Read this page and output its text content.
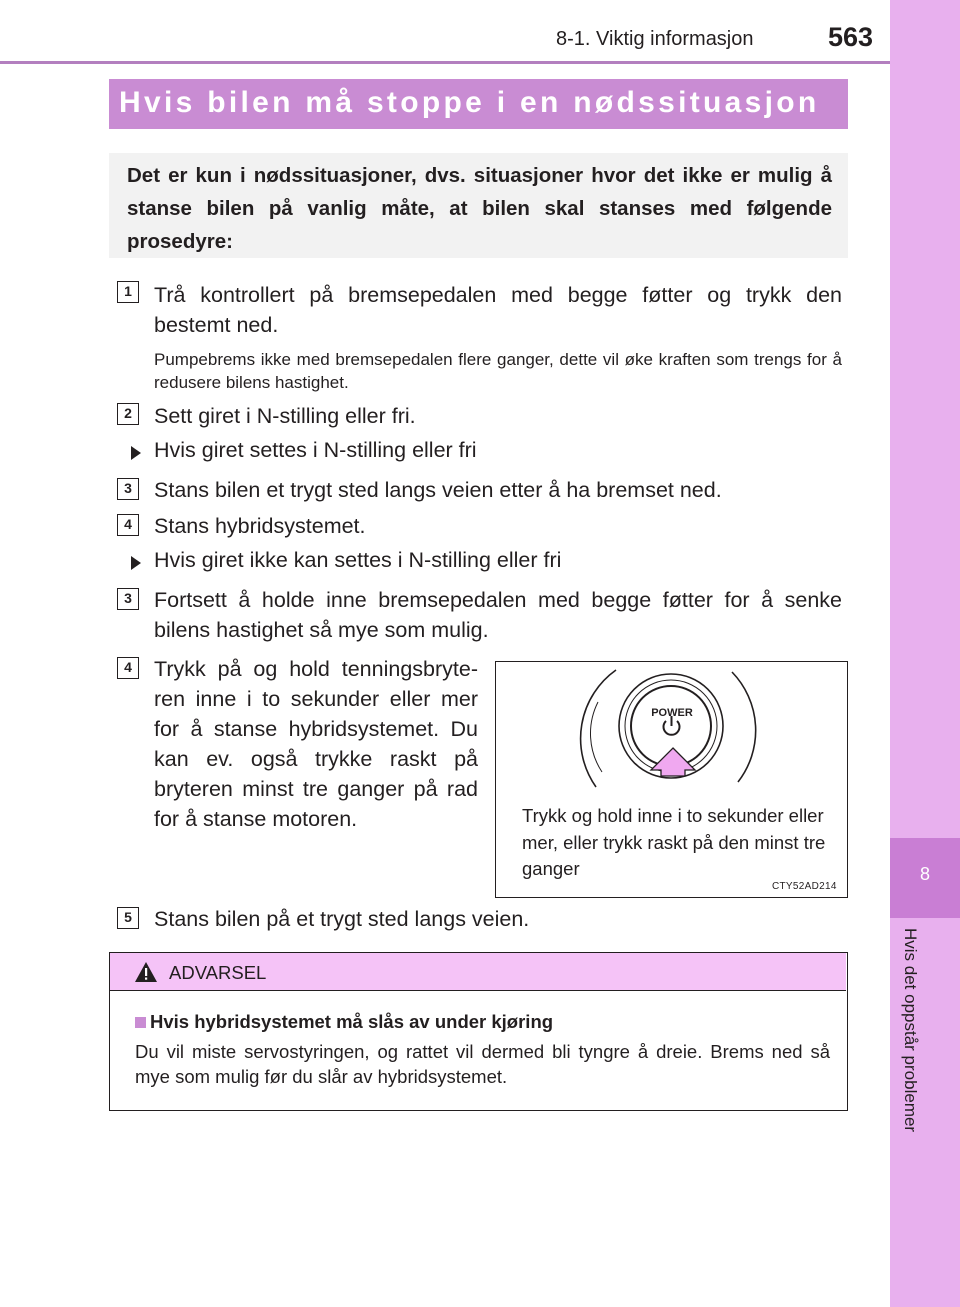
8-1. Viktig informasjon	563
8
Hvis det oppstår problemer
Hvis bilen må stoppe i en nødssituasjon
Det er kun i nødssituasjoner, dvs. situasjoner hvor det ikke er mulig å stanse bilen på vanlig måte, at bilen skal stanses med følgende prosedyre:
1	Trå kontrollert på bremsepedalen med begge føtter og trykk den bestemt ned.
Pumpebrems ikke med bremsepedalen flere ganger, dette vil øke kraften som trengs for å redusere bilens hastighet.
2	Sett giret i N-stilling eller fri.
Hvis giret settes i N-stilling eller fri
3	Stans bilen et trygt sted langs veien etter å ha bremset ned.
4	Stans hybridsystemet.
Hvis giret ikke kan settes i N-stilling eller fri
3	Fortsett å holde inne bremsepedalen med begge føtter for å senke bilens hastighet så mye som mulig.
4	Trykk på og hold tenningsbryteren inne i to sekunder eller mer for å stanse hybridsystemet. Du kan ev. også trykke raskt på bryteren minst tre ganger på rad for å stanse motoren.
POWER
Trykk og hold inne i to sekunder eller mer, eller trykk raskt på den minst tre ganger
CTY52AD214
5	Stans bilen på et trygt sted langs veien.
ADVARSEL
Hvis hybridsystemet må slås av under kjøring
Du vil miste servostyringen, og rattet vil dermed bli tyngre å dreie. Brems ned så mye som mulig før du slår av hybridsystemet.
